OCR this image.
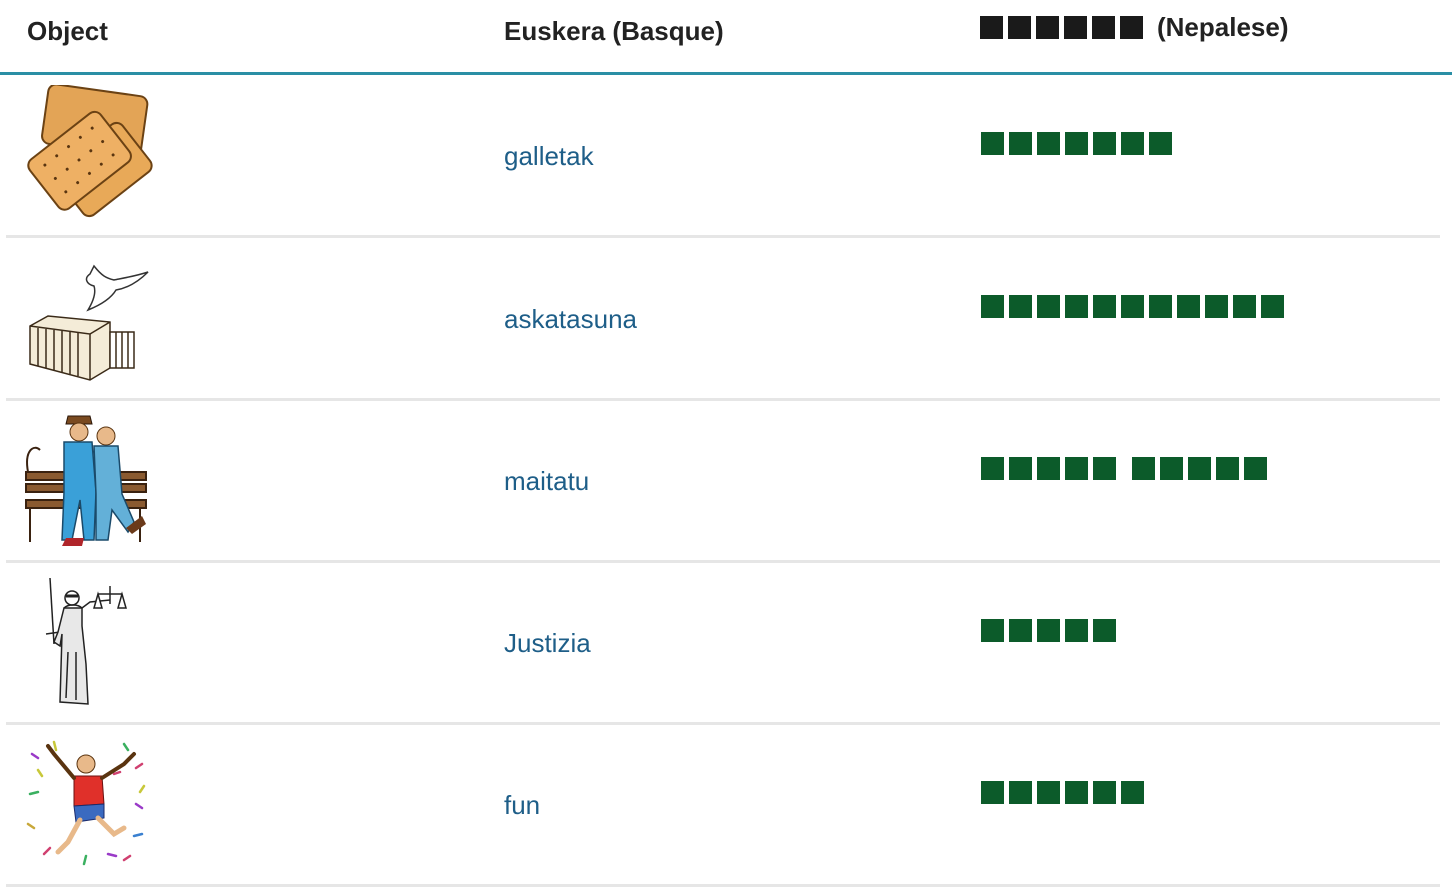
Object	Euskera (Basque)	(Nepalese)
galletak
askatasuna
maitatu
Justizia
fun
